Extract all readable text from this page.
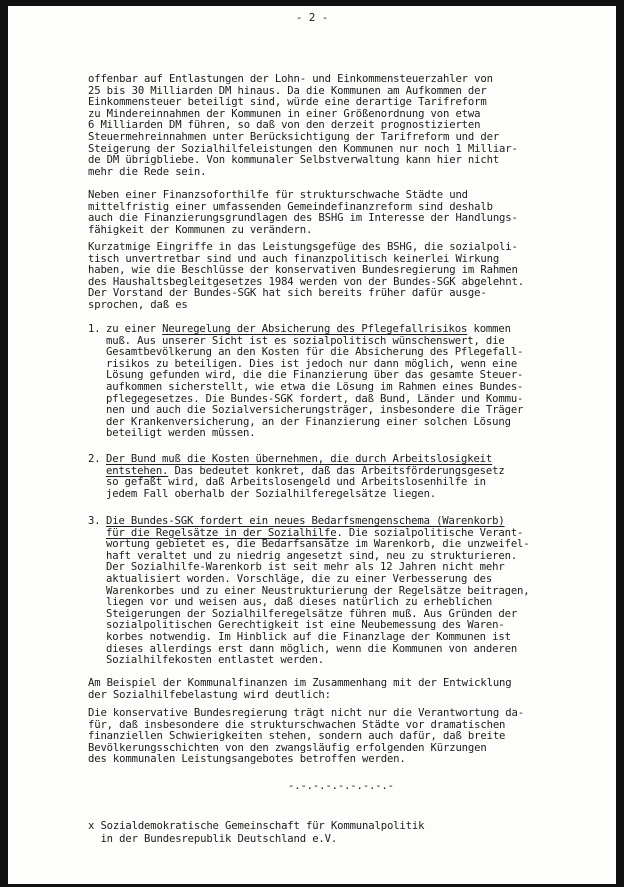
- 2 -
offenbar auf Entlastungen der Lohn- und Einkommensteuerzahler von
25 bis 30 Milliarden DM hinaus. Da die Kommunen am Aufkommen der
Einkommensteuer beteiligt sind, würde eine derartige Tarifreform
zu Mindereinnahmen der Kommunen in einer Größenordnung von etwa
6 Milliarden DM führen, so daß von den derzeit prognostizierten
Steuermehreinnahmen unter Berücksichtigung der Tarifreform und der
Steigerung der Sozialhilfeleistungen den Kommunen nur noch 1 Milliar-
de DM übrigbliebe. Von kommunaler Selbstverwaltung kann hier nicht
mehr die Rede sein.
Neben einer Finanzsoforthilfe für strukturschwache Städte und
mittelfristig einer umfassenden Gemeindefinanzreform sind deshalb
auch die Finanzierungsgrundlagen des BSHG im Interesse der Handlungs-
fähigkeit der Kommunen zu verändern.
Kurzatmige Eingriffe in das Leistungsgefüge des BSHG, die sozialpoli-
tisch unvertretbar sind und auch finanzpolitisch keinerlei Wirkung
haben, wie die Beschlüsse der konservativen Bundesregierung im Rahmen
des Haushaltsbegleitgesetzes 1984 werden von der Bundes-SGK abgelehnt.
Der Vorstand der Bundes-SGK hat sich bereits früher dafür ausge-
sprochen, daß es
1. zu einer Neuregelung der Absicherung des Pflegefallrisikos kommen
muß. Aus unserer Sicht ist es sozialpolitisch wünschenswert, die
Gesamtbevölkerung an den Kosten für die Absicherung des Pflegefall-
risikos zu beteiligen. Dies ist jedoch nur dann möglich, wenn eine
Lösung gefunden wird, die die Finanzierung über das gesamte Steuer-
aufkommen sicherstellt, wie etwa die Lösung im Rahmen eines Bundes-
pflegegesetzes. Die Bundes-SGK fordert, daß Bund, Länder und Kommu-
nen und auch die Sozialversicherungsträger, insbesondere die Träger
der Krankenversicherung, an der Finanzierung einer solchen Lösung
beteiligt werden müssen.
2. Der Bund muß die Kosten übernehmen, die durch Arbeitslosigkeit
entstehen. Das bedeutet konkret, daß das Arbeitsförderungsgesetz
so gefaßt wird, daß Arbeitslosengeld und Arbeitslosenhilfe in
jedem Fall oberhalb der Sozialhilferegelsätze liegen.
3. Die Bundes-SGK fordert ein neues Bedarfsmengenschema (Warenkorb)
für die Regelsätze in der Sozialhilfe. Die sozialpolitische Verant-
wortung gebietet es, die Bedarfsansätze im Warenkorb, die unzweifel-
haft veraltet und zu niedrig angesetzt sind, neu zu strukturieren.
Der Sozialhilfe-Warenkorb ist seit mehr als 12 Jahren nicht mehr
aktualisiert worden. Vorschläge, die zu einer Verbesserung des
Warenkorbes und zu einer Neustrukturierung der Regelsätze beitragen,
liegen vor und weisen aus, daß dieses natürlich zu erheblichen
Steigerungen der Sozialhilferegelsätze führen muß. Aus Gründen der
sozialpolitischen Gerechtigkeit ist eine Neubemessung des Waren-
korbes notwendig. Im Hinblick auf die Finanzlage der Kommunen ist
dieses allerdings erst dann möglich, wenn die Kommunen von anderen
Sozialhilfekosten entlastet werden.
Am Beispiel der Kommunalfinanzen im Zusammenhang mit der Entwicklung
der Sozialhilfebelastung wird deutlich:
Die konservative Bundesregierung trägt nicht nur die Verantwortung da-
für, daß insbesondere die strukturschwachen Städte vor dramatischen
finanziellen Schwierigkeiten stehen, sondern auch dafür, daß breite
Bevölkerungsschichten von den zwangsläufig erfolgenden Kürzungen
des kommunalen Leistungsangebotes betroffen werden.
-.-.-.-.-.-.-.-.-
x Sozialdemokratische Gemeinschaft für Kommunalpolitik
in der Bundesrepublik Deutschland e.V.
